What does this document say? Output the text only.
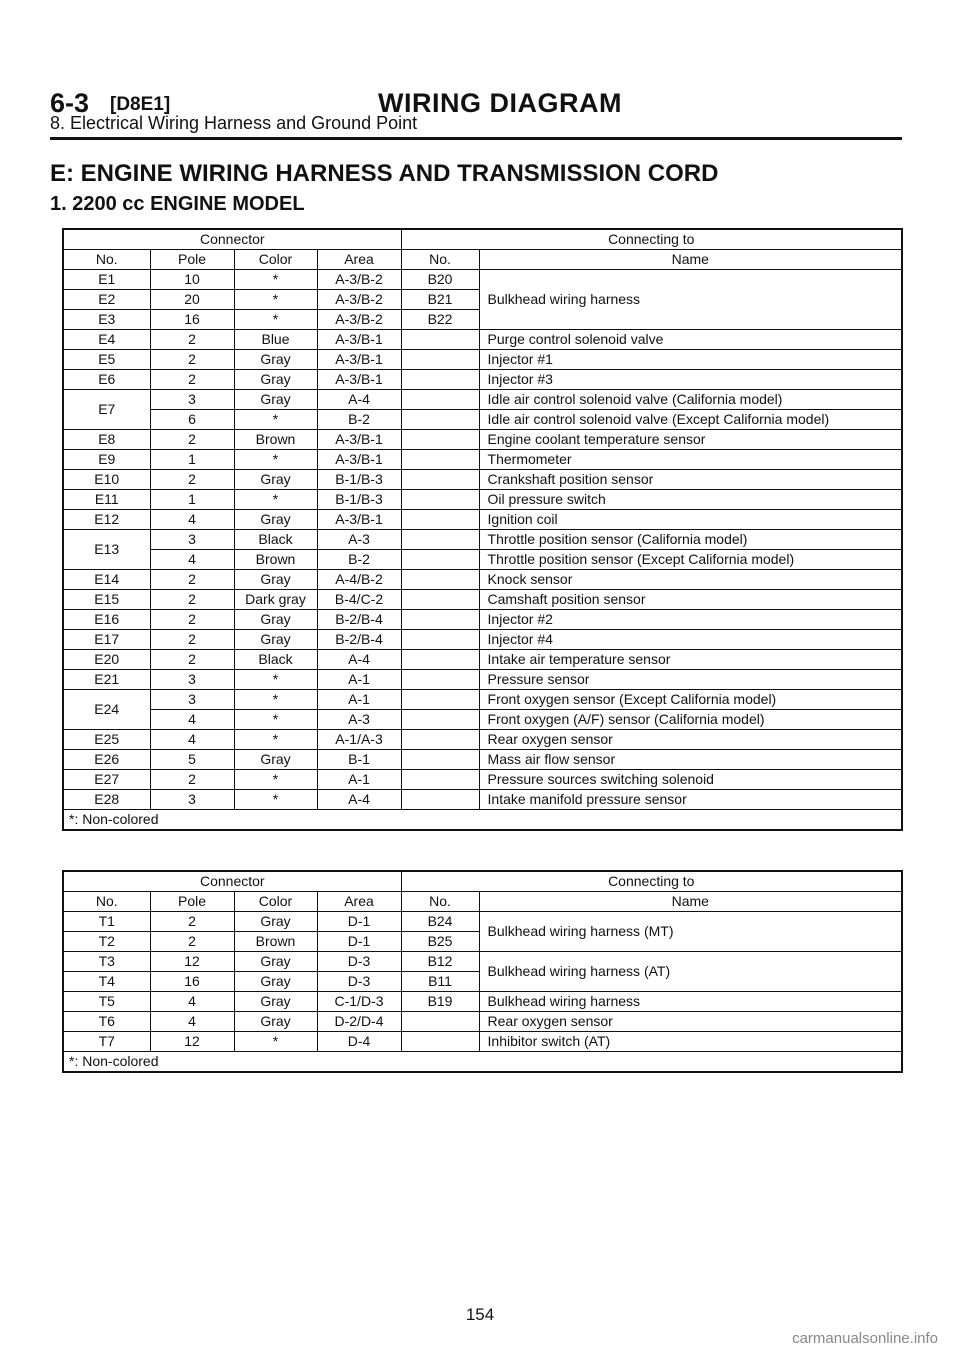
6-3 [D8E1]	WIRING DIAGRAM
8. Electrical Wiring Harness and Ground Point
E: ENGINE WIRING HARNESS AND TRANSMISSION CORD
1. 2200 cc ENGINE MODEL
Connector				Connecting to	
No.	Pole	Color	Area	No.	Name
E1	10	*	A-3/B-2	B20	Bulkhead wiring harness
E2	20	*	A-3/B-2	B21	
E3	16	*	A-3/B-2	B22	
E4	2	Blue	A-3/B-1		Purge control solenoid valve
E5	2	Gray	A-3/B-1		Injector #1
E6	2	Gray	A-3/B-1		Injector #3
E7	3	Gray	A-4		Idle air control solenoid valve (California model)
	6	*	B-2		Idle air control solenoid valve (Except California model)
E8	2	Brown	A-3/B-1		Engine coolant temperature sensor
E9	1	*	A-3/B-1		Thermometer
E10	2	Gray	B-1/B-3		Crankshaft position sensor
E11	1	*	B-1/B-3		Oil pressure switch
E12	4	Gray	A-3/B-1		Ignition coil
E13	3	Black	A-3		Throttle position sensor (California model)
	4	Brown	B-2		Throttle position sensor (Except California model)
E14	2	Gray	A-4/B-2		Knock sensor
E15	2	Dark gray	B-4/C-2		Camshaft position sensor
E16	2	Gray	B-2/B-4		Injector #2
E17	2	Gray	B-2/B-4		Injector #4
E20	2	Black	A-4		Intake air temperature sensor
E21	3	*	A-1		Pressure sensor
E24	3	*	A-1		Front oxygen sensor (Except California model)
	4	*	A-3		Front oxygen (A/F) sensor (California model)
E25	4	*	A-1/A-3		Rear oxygen sensor
E26	5	Gray	B-1		Mass air flow sensor
E27	2	*	A-1		Pressure sources switching solenoid
E28	3	*	A-4		Intake manifold pressure sensor
*: Non-colored					
Connector				Connecting to	
No.	Pole	Color	Area	No.	Name
T1	2	Gray	D-1	B24	Bulkhead wiring harness (MT)
T2	2	Brown	D-1	B25	
T3	12	Gray	D-3	B12	Bulkhead wiring harness (AT)
T4	16	Gray	D-3	B11	
T5	4	Gray	C-1/D-3	B19	Bulkhead wiring harness
T6	4	Gray	D-2/D-4		Rear oxygen sensor
T7	12	*	D-4		Inhibitor switch (AT)
*: Non-colored					
154
carmanualsonline.info
